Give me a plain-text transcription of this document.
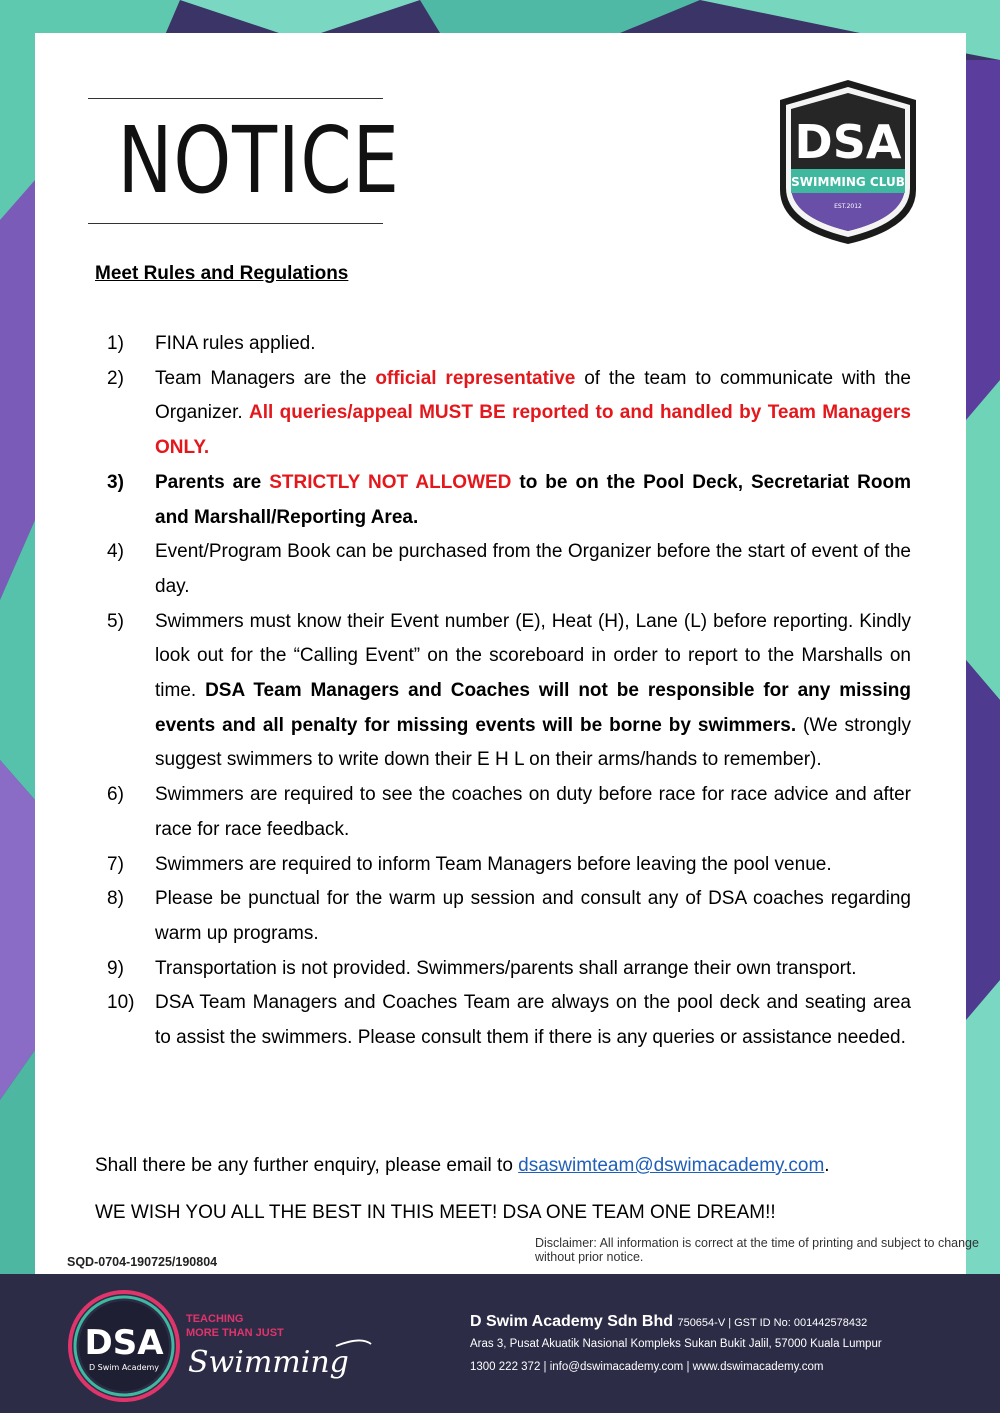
NOTICE	DSA
SWIMMING CLUB
EST.2012
Meet Rules and Regulations
1)	FINA rules applied.
2)	Team Managers are the official representative of the team to communicate with the Organizer. All queries/appeal MUST BE reported to and handled by Team Managers ONLY.
3)	Parents are STRICTLY NOT ALLOWED to be on the Pool Deck, Secretariat Room and Marshall/Reporting Area.
4)	Event/Program Book can be purchased from the Organizer before the start of event of the day.
5)	Swimmers must know their Event number (E), Heat (H), Lane (L) before reporting. Kindly look out for the “Calling Event” on the scoreboard in order to report to the Marshalls on time. DSA Team Managers and Coaches will not be responsible for any missing events and all penalty for missing events will be borne by swimmers. (We strongly suggest swimmers to write down their E H L on their arms/hands to remember).
6)	Swimmers are required to see the coaches on duty before race for race advice and after race for race feedback.
7)	Swimmers are required to inform Team Managers before leaving the pool venue.
8)	Please be punctual for the warm up session and consult any of DSA coaches regarding warm up programs.
9)	Transportation is not provided. Swimmers/parents shall arrange their own transport.
10)	DSA Team Managers and Coaches Team are always on the pool deck and seating area to assist the swimmers. Please consult them if there is any queries or assistance needed.
Shall there be any further enquiry, please email to dsaswimteam@dswimacademy.com.
WE WISH YOU ALL THE BEST IN THIS MEET! DSA ONE TEAM ONE DREAM!!
Disclaimer: All information is correct at the time of printing and subject to change without prior notice.
SQD-0704-190725/190804
DSA
D Swim Academy
TEACHING
MORE THAN JUST
Swimming
D Swim Academy Sdn Bhd 750654-V | GST ID No: 001442578432
Aras 3, Pusat Akuatik Nasional Kompleks Sukan Bukit Jalil, 57000 Kuala Lumpur
1300 222 372 | info@dswimacademy.com | www.dswimacademy.com
